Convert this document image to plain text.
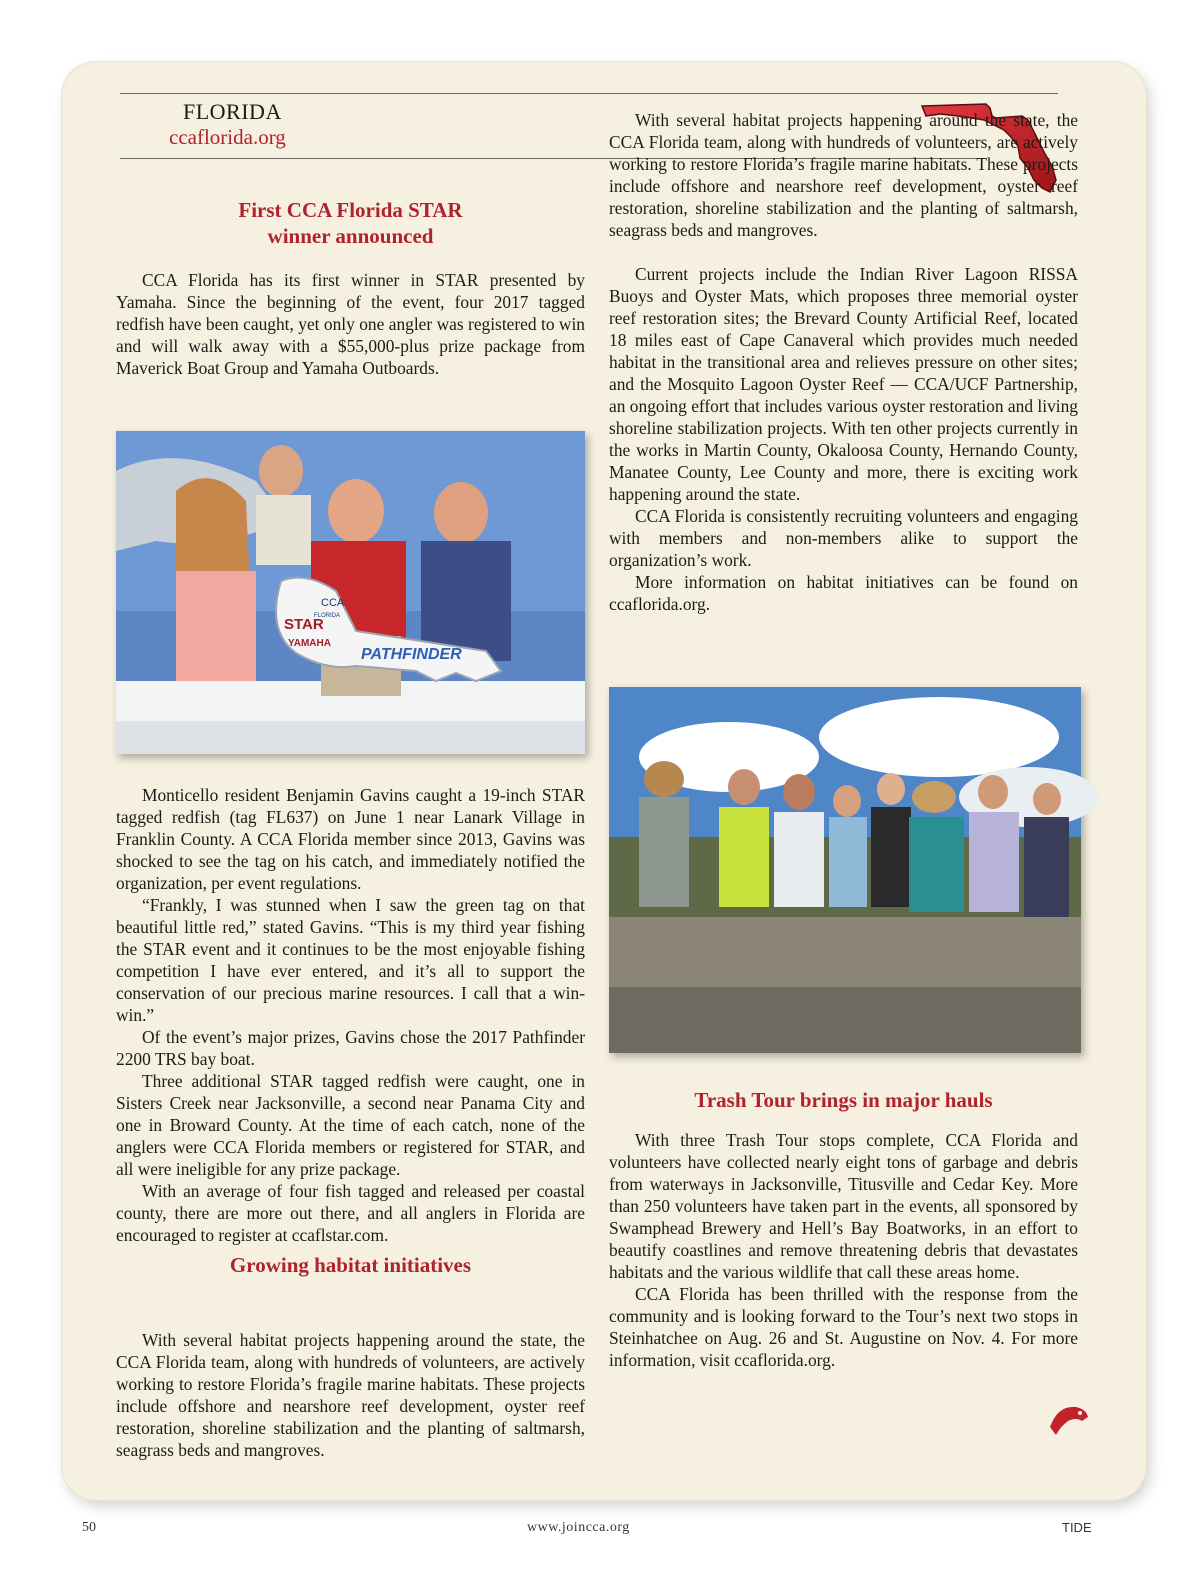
FLORIDA
ccaflorida.org
First CCA Florida STAR
winner announced

CCA Florida has its first winner in STAR presented by Yamaha. Since the beginning of the event, four 2017 tagged redfish have been caught, yet only one angler was registered to win and will walk away with a $55,000-plus prize package from Maverick Boat Group and Yamaha Outboards.

CCA
FLORIDA
STAR
YAMAHA
PATHFINDER

Monticello resident Benjamin Gavins caught a 19-inch STAR tagged redfish (tag FL637) on June 1 near Lanark Village in Franklin County. A CCA Florida member since 2013, Gavins was shocked to see the tag on his catch, and immediately notified the organization, per event regulations.

“Frankly, I was stunned when I saw the green tag on that beautiful little red,” stated Gavins. “This is my third year fishing the STAR event and it continues to be the most enjoyable fishing competition I have ever entered, and it’s all to support the conservation of our precious marine resources. I call that a win-win.”

Of the event’s major prizes, Gavins chose the 2017 Pathfinder 2200 TRS bay boat.

Three additional STAR tagged redfish were caught, one in Sisters Creek near Jacksonville, a second near Panama City and one in Broward County. At the time of each catch, none of the anglers were CCA Florida members or registered for STAR, and all were ineligible for any prize package.

With an average of four fish tagged and released per coastal county, there are more out there, and all anglers in Florida are encouraged to register at ccaflstar.com.

Growing habitat initiatives

With several habitat projects happening around the state, the CCA Florida team, along with hundreds of volunteers, are actively working to restore Florida’s fragile marine habitats. These projects include offshore and nearshore reef development, oyster reef restoration, shoreline stabilization and the planting of saltmarsh, seagrass beds and mangroves.

With several habitat projects happening around the state, the CCA Florida team, along with hundreds of volunteers, are actively working to restore Florida’s fragile marine habitats. These projects include offshore and nearshore reef development, oyster reef restoration, shoreline stabilization and the planting of saltmarsh, seagrass beds and mangroves.

Current projects include the Indian River Lagoon RISSA Buoys and Oyster Mats, which proposes three memorial oyster reef restoration sites; the Brevard County Artificial Reef, located 18 miles east of Cape Canaveral which provides much needed habitat in the transitional area and relieves pressure on other sites; and the Mosquito Lagoon Oyster Reef — CCA/UCF Partnership, an ongoing effort that includes various oyster restoration and living shoreline stabilization projects. With ten other projects currently in the works in Martin County, Okaloosa County, Hernando County, Manatee County, Lee County and more, there is exciting work happening around the state.

CCA Florida is consistently recruiting volunteers and engaging with members and non-members alike to support the organization’s work.

More information on habitat initiatives can be found on ccaflorida.org.

Trash Tour brings in major hauls

With three Trash Tour stops complete, CCA Florida and volunteers have collected nearly eight tons of garbage and debris from waterways in Jacksonville, Titusville and Cedar Key. More than 250 volunteers have taken part in the events, all sponsored by Swamphead Brewery and Hell’s Bay Boatworks, in an effort to beautify coastlines and remove threatening debris that devastates habitats and the various wildlife that call these areas home.

CCA Florida has been thrilled with the response from the community and is looking forward to the Tour’s next two stops in Steinhatchee on Aug. 26 and St. Augustine on Nov. 4. For more information, visit ccaflorida.org.

50	www.joincca.org	TIDE
